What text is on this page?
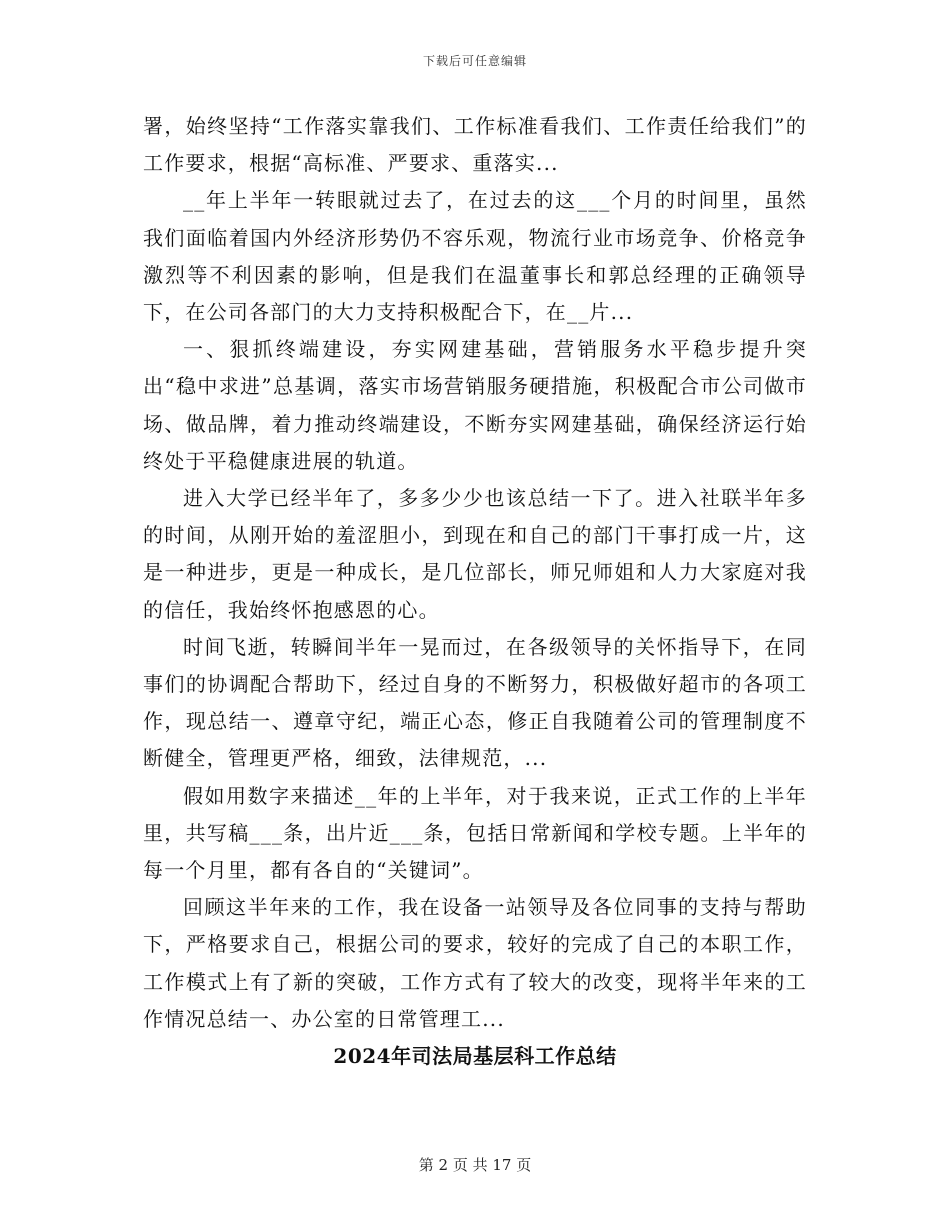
下载后可任意编辑

署，始终坚持“工作落实靠我们、工作标准看我们、工作责任给我们”的工作要求，根据“高标准、严要求、重落实...

__年上半年一转眼就过去了，在过去的这___个月的时间里，虽然我们面临着国内外经济形势仍不容乐观，物流行业市场竞争、价格竞争激烈等不利因素的影响，但是我们在温董事长和郭总经理的正确领导下，在公司各部门的大力支持积极配合下，在__片...

一、狠抓终端建设，夯实网建基础，营销服务水平稳步提升突出“稳中求进”总基调，落实市场营销服务硬措施，积极配合市公司做市场、做品牌，着力推动终端建设，不断夯实网建基础，确保经济运行始终处于平稳健康进展的轨道。

进入大学已经半年了，多多少少也该总结一下了。进入社联半年多的时间，从刚开始的羞涩胆小，到现在和自己的部门干事打成一片，这是一种进步，更是一种成长，是几位部长，师兄师姐和人力大家庭对我的信任，我始终怀抱感恩的心。

时间飞逝，转瞬间半年一晃而过，在各级领导的关怀指导下，在同事们的协调配合帮助下，经过自身的不断努力，积极做好超市的各项工作，现总结一、遵章守纪，端正心态，修正自我随着公司的管理制度不断健全，管理更严格，细致，法律规范，...

假如用数字来描述__年的上半年，对于我来说，正式工作的上半年里，共写稿___条，出片近___条，包括日常新闻和学校专题。上半年的每一个月里，都有各自的“关键词”。

回顾这半年来的工作，我在设备一站领导及各位同事的支持与帮助下，严格要求自己，根据公司的要求，较好的完成了自己的本职工作，工作模式上有了新的突破，工作方式有了较大的改变，现将半年来的工作情况总结一、办公室的日常管理工...

2024年司法局基层科工作总结
第 2 页 共 17 页
